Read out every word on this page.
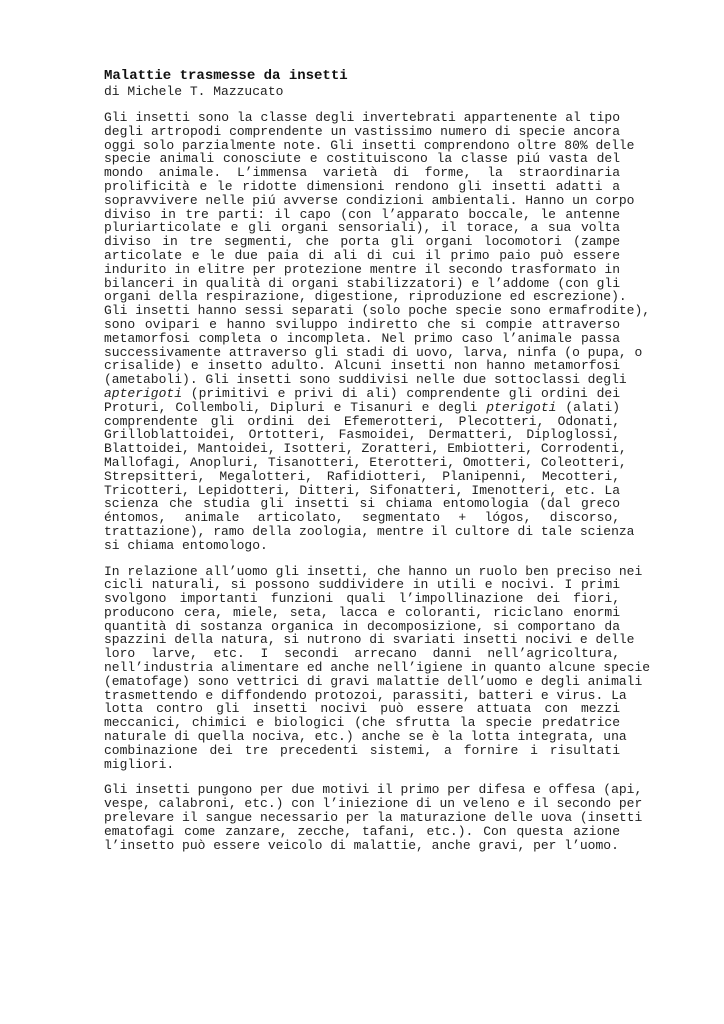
Malattie trasmesse da insetti
di Michele T. Mazzucato
Gli insetti sono la classe degli invertebrati appartenente al tipo
degli artropodi comprendente un vastissimo numero di specie ancora
oggi solo parzialmente note. Gli insetti comprendono oltre 80% delle
specie animali conosciute e costituiscono la classe piú vasta del
mondo animale. L’immensa varietà di forme, la straordinaria
prolificità e le ridotte dimensioni rendono gli insetti adatti a
sopravvivere nelle piú avverse condizioni ambientali. Hanno un corpo
diviso in tre parti: il capo (con l’apparato boccale, le antenne
pluriarticolate e gli organi sensoriali), il torace, a sua volta
diviso in tre segmenti, che porta gli organi locomotori (zampe
articolate e le due paia di ali di cui il primo paio può essere
indurito in elitre per protezione mentre il secondo trasformato in
bilanceri in qualità di organi stabilizzatori) e l’addome (con gli
organi della respirazione, digestione, riproduzione ed escrezione).
Gli insetti hanno sessi separati (solo poche specie sono ermafrodite),
sono ovipari e hanno sviluppo indiretto che si compie attraverso
metamorfosi completa o incompleta. Nel primo caso l’animale passa
successivamente attraverso gli stadi di uovo, larva, ninfa (o pupa, o
crisalide) e insetto adulto. Alcuni insetti non hanno metamorfosi
(ametaboli). Gli insetti sono suddivisi nelle due sottoclassi degli
apterigoti (primitivi e privi di ali) comprendente gli ordini dei
Proturi, Collemboli, Dipluri e Tisanuri e degli pterigoti (alati)
comprendente gli ordini dei Efemerotteri, Plecotteri, Odonati,
Grilloblattoidei, Ortotteri, Fasmoidei, Dermatteri, Diploglossi,
Blattoidei, Mantoidei, Isotteri, Zoratteri, Embiotteri, Corrodenti,
Mallofagi, Anopluri, Tisanotteri, Eterotteri, Omotteri, Coleotteri,
Strepsitteri, Megalotteri, Rafidiotteri, Planipenni, Mecotteri,
Tricotteri, Lepidotteri, Ditteri, Sifonatteri, Imenotteri, etc. La
scienza che studia gli insetti si chiama entomologia (dal greco
éntomos, animale articolato, segmentato + lógos, discorso,
trattazione), ramo della zoologia, mentre il cultore di tale scienza
si chiama entomologo.
In relazione all’uomo gli insetti, che hanno un ruolo ben preciso nei
cicli naturali, si possono suddividere in utili e nocivi. I primi
svolgono importanti funzioni quali l’impollinazione dei fiori,
producono cera, miele, seta, lacca e coloranti, riciclano enormi
quantità di sostanza organica in decomposizione, si comportano da
spazzini della natura, si nutrono di svariati insetti nocivi e delle
loro larve, etc. I secondi arrecano danni nell’agricoltura,
nell’industria alimentare ed anche nell’igiene in quanto alcune specie
(ematofage) sono vettrici di gravi malattie dell’uomo e degli animali
trasmettendo e diffondendo protozoi, parassiti, batteri e virus. La
lotta contro gli insetti nocivi può essere attuata con mezzi
meccanici, chimici e biologici (che sfrutta la specie predatrice
naturale di quella nociva, etc.) anche se è la lotta integrata, una
combinazione dei tre precedenti sistemi, a fornire i risultati
migliori.
Gli insetti pungono per due motivi il primo per difesa e offesa (api,
vespe, calabroni, etc.) con l’iniezione di un veleno e il secondo per
prelevare il sangue necessario per la maturazione delle uova (insetti
ematofagi come zanzare, zecche, tafani, etc.). Con questa azione
l’insetto può essere veicolo di malattie, anche gravi, per l’uomo.
